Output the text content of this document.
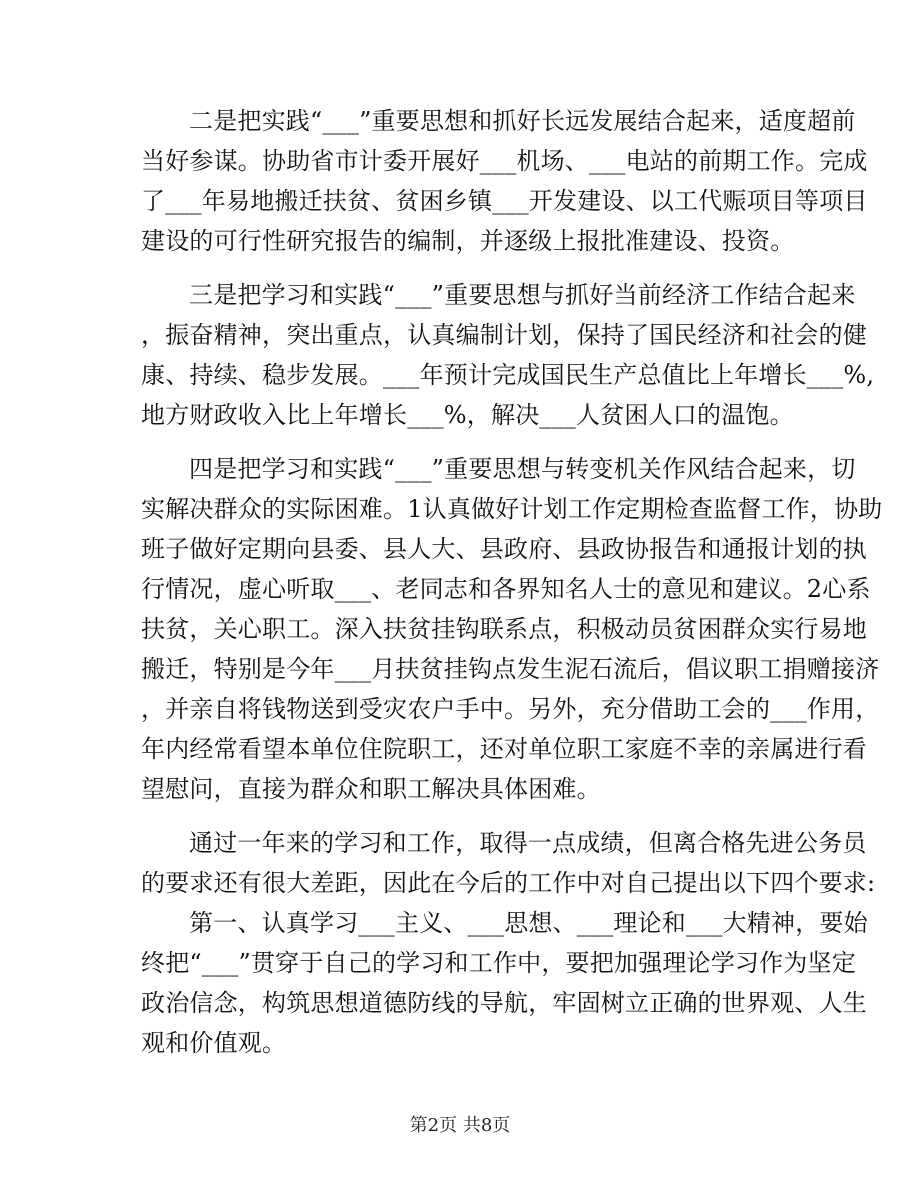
二是把实践“___”重要思想和抓好长远发展结合起来，适度超前
当好参谋。协助省市计委开展好___机场、___电站的前期工作。完成
了___年易地搬迁扶贫、贫困乡镇___开发建设、以工代赈项目等项目
建设的可行性研究报告的编制，并逐级上报批准建设、投资。
三是把学习和实践“___”重要思想与抓好当前经济工作结合起来
，振奋精神，突出重点，认真编制计划，保持了国民经济和社会的健
康、持续、稳步发展。___年预计完成国民生产总值比上年增长___%,
地方财政收入比上年增长___%，解决___人贫困人口的温饱。
四是把学习和实践“___”重要思想与转变机关作风结合起来，切
实解决群众的实际困难。1认真做好计划工作定期检查监督工作，协助
班子做好定期向县委、县人大、县政府、县政协报告和通报计划的执
行情况，虚心听取___、老同志和各界知名人士的意见和建议。2心系
扶贫，关心职工。深入扶贫挂钩联系点，积极动员贫困群众实行易地
搬迁，特别是今年___月扶贫挂钩点发生泥石流后，倡议职工捐赠接济
，并亲自将钱物送到受灾农户手中。另外，充分借助工会的___作用，
年内经常看望本单位住院职工，还对单位职工家庭不幸的亲属进行看
望慰问，直接为群众和职工解决具体困难。
通过一年来的学习和工作，取得一点成绩，但离合格先进公务员
的要求还有很大差距，因此在今后的工作中对自己提出以下四个要求:
第一、认真学习___主义、___思想、___理论和___大精神，要始
终把“___”贯穿于自己的学习和工作中，要把加强理论学习作为坚定
政治信念，构筑思想道德防线的导航，牢固树立正确的世界观、人生
观和价值观。
第2页 共8页
